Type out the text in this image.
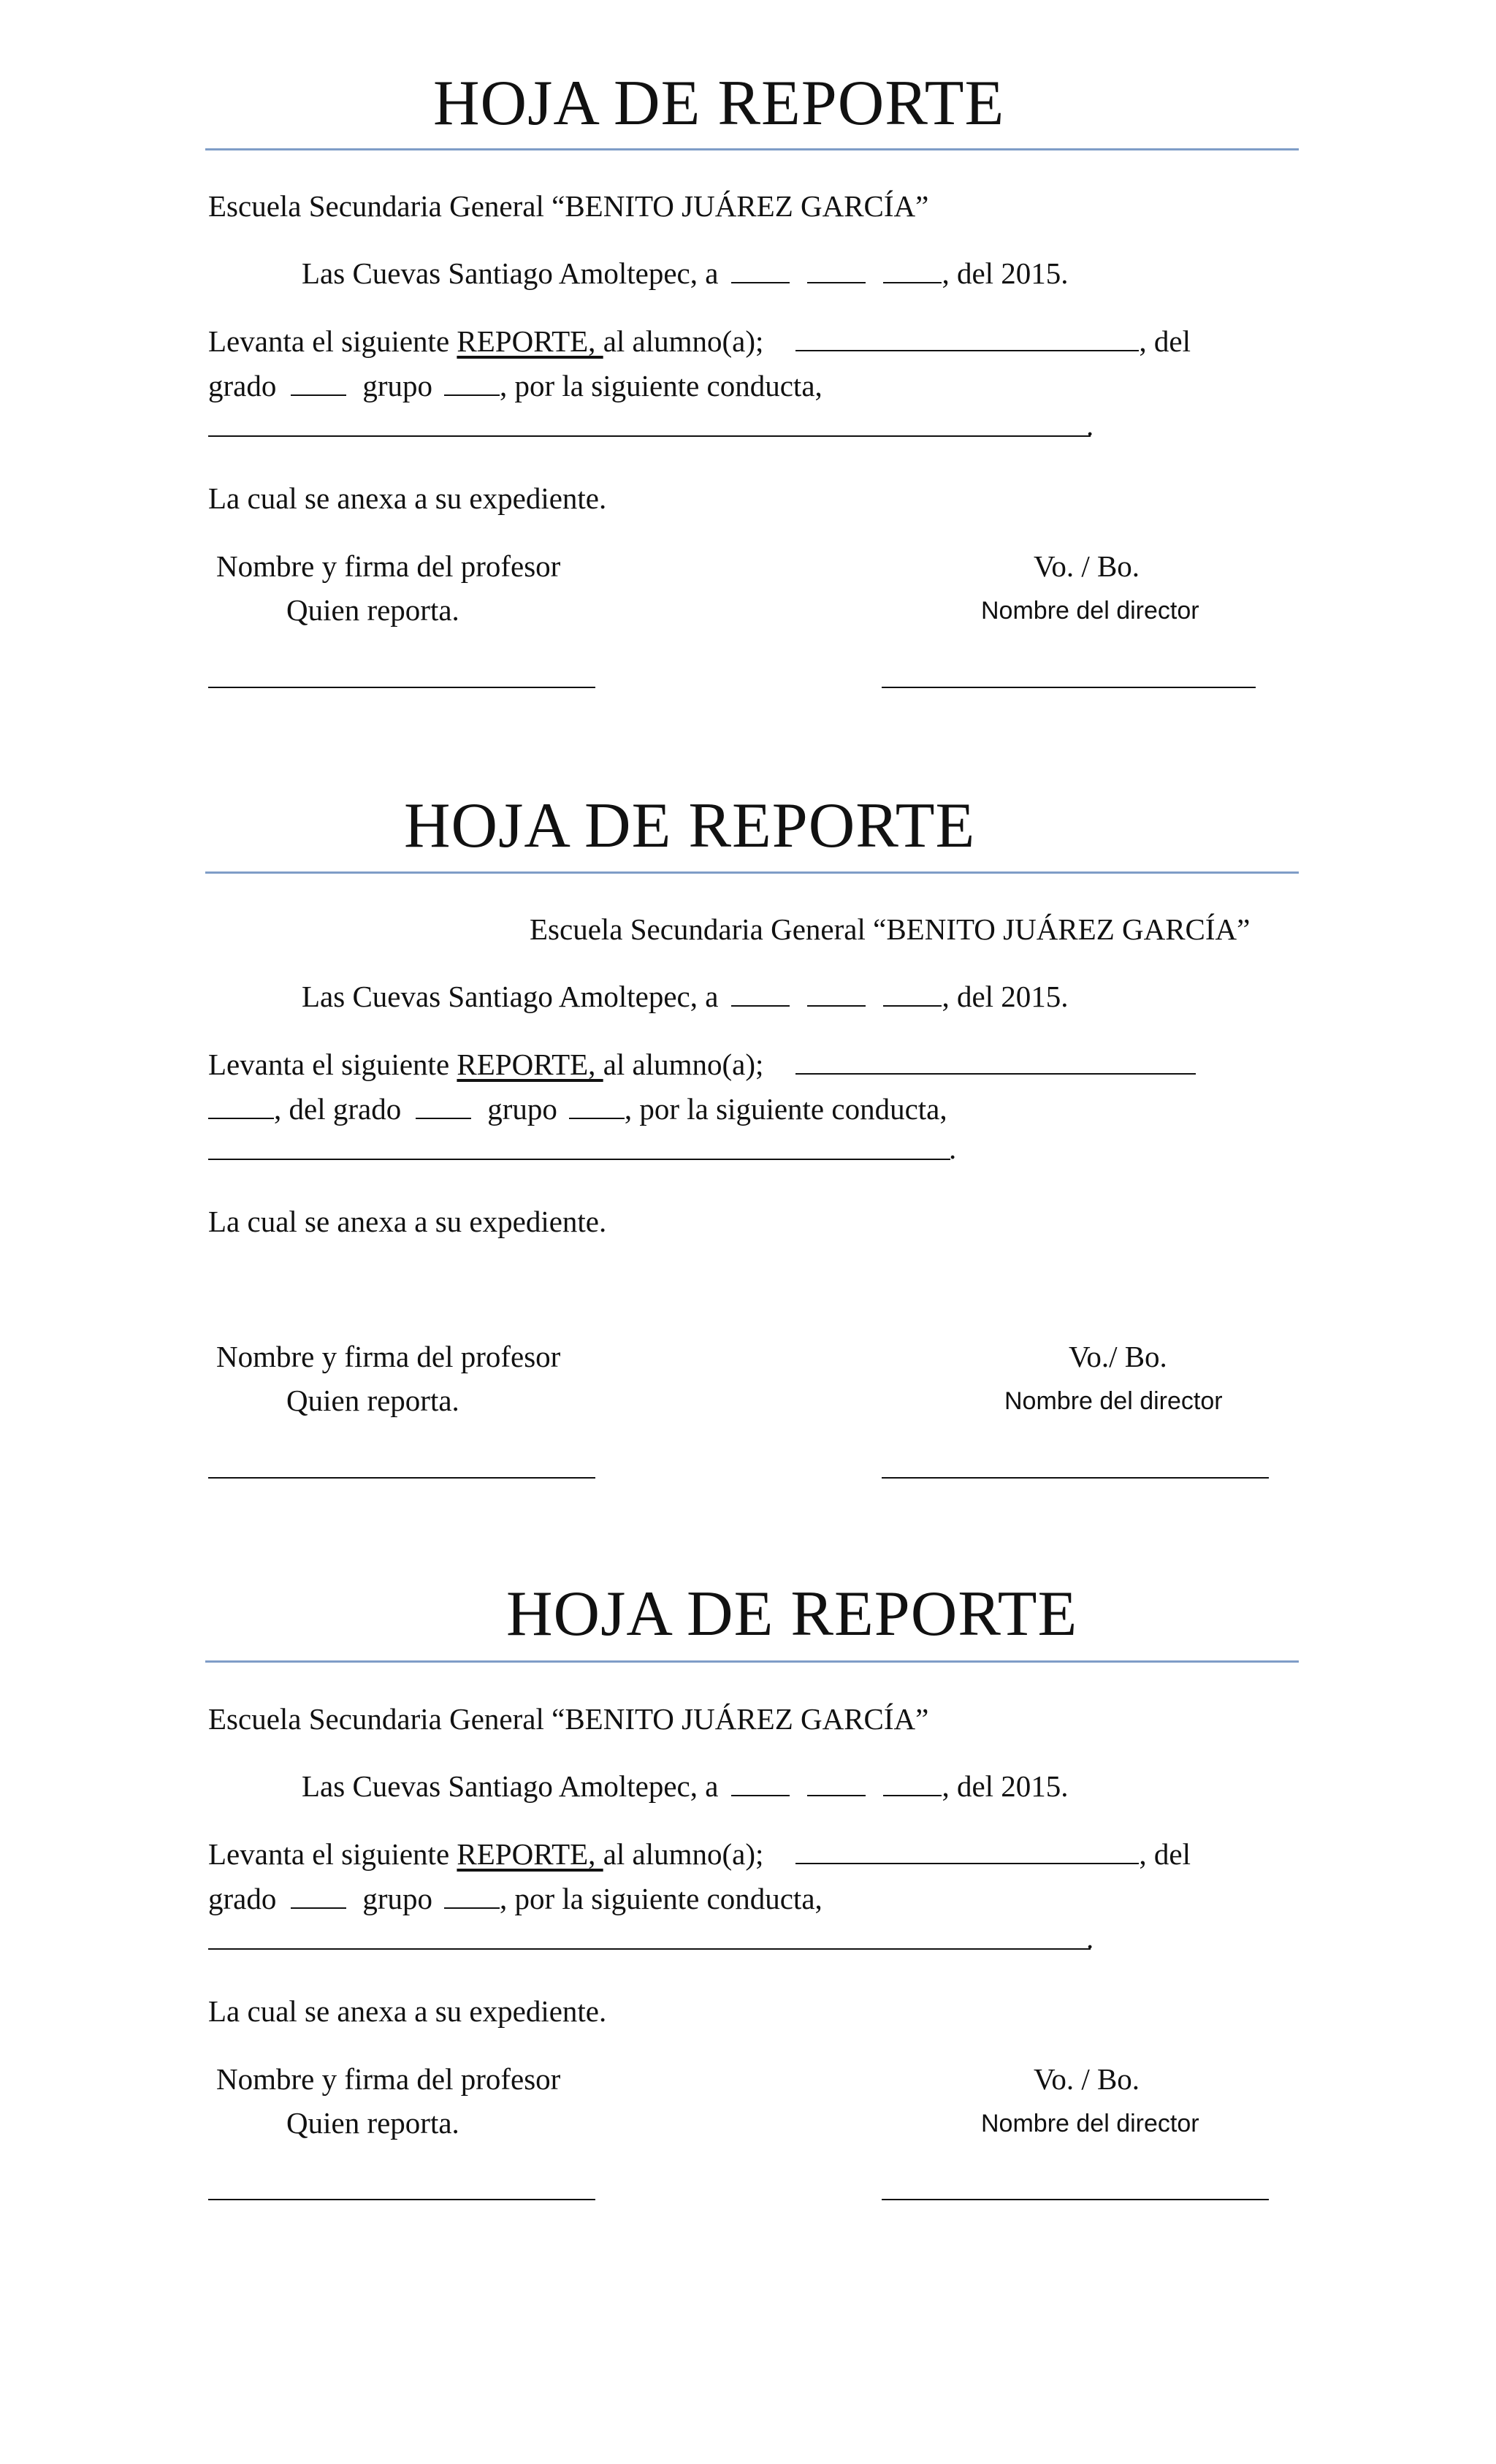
HOJA DE REPORTE
Escuela Secundaria General “BENITO JUÁREZ GARCÍA”
Las Cuevas Santiago Amoltepec, a	, del 2015.
Levanta el siguiente REPORTE, al alumno(a);	, del
grado	grupo , por la siguiente conducta,
.
La cual se anexa a su expediente.
Nombre y firma del profesor
Quien reporta.
Vo. / Bo.
Nombre del director
HOJA DE REPORTE
Escuela Secundaria General “BENITO JUÁREZ GARCÍA”
Las Cuevas Santiago Amoltepec, a	, del 2015.
Levanta el siguiente REPORTE, al alumno(a);
, del grado	grupo , por la siguiente conducta,
.
La cual se anexa a su expediente.
Nombre y firma del profesor
Quien reporta.
Vo./ Bo.
Nombre del director
HOJA DE REPORTE
Escuela Secundaria General “BENITO JUÁREZ GARCÍA”
Las Cuevas Santiago Amoltepec, a	, del 2015.
Levanta el siguiente REPORTE, al alumno(a);	, del
grado	grupo , por la siguiente conducta,
.
La cual se anexa a su expediente.
Nombre y firma del profesor
Quien reporta.
Vo. / Bo.
Nombre del director
